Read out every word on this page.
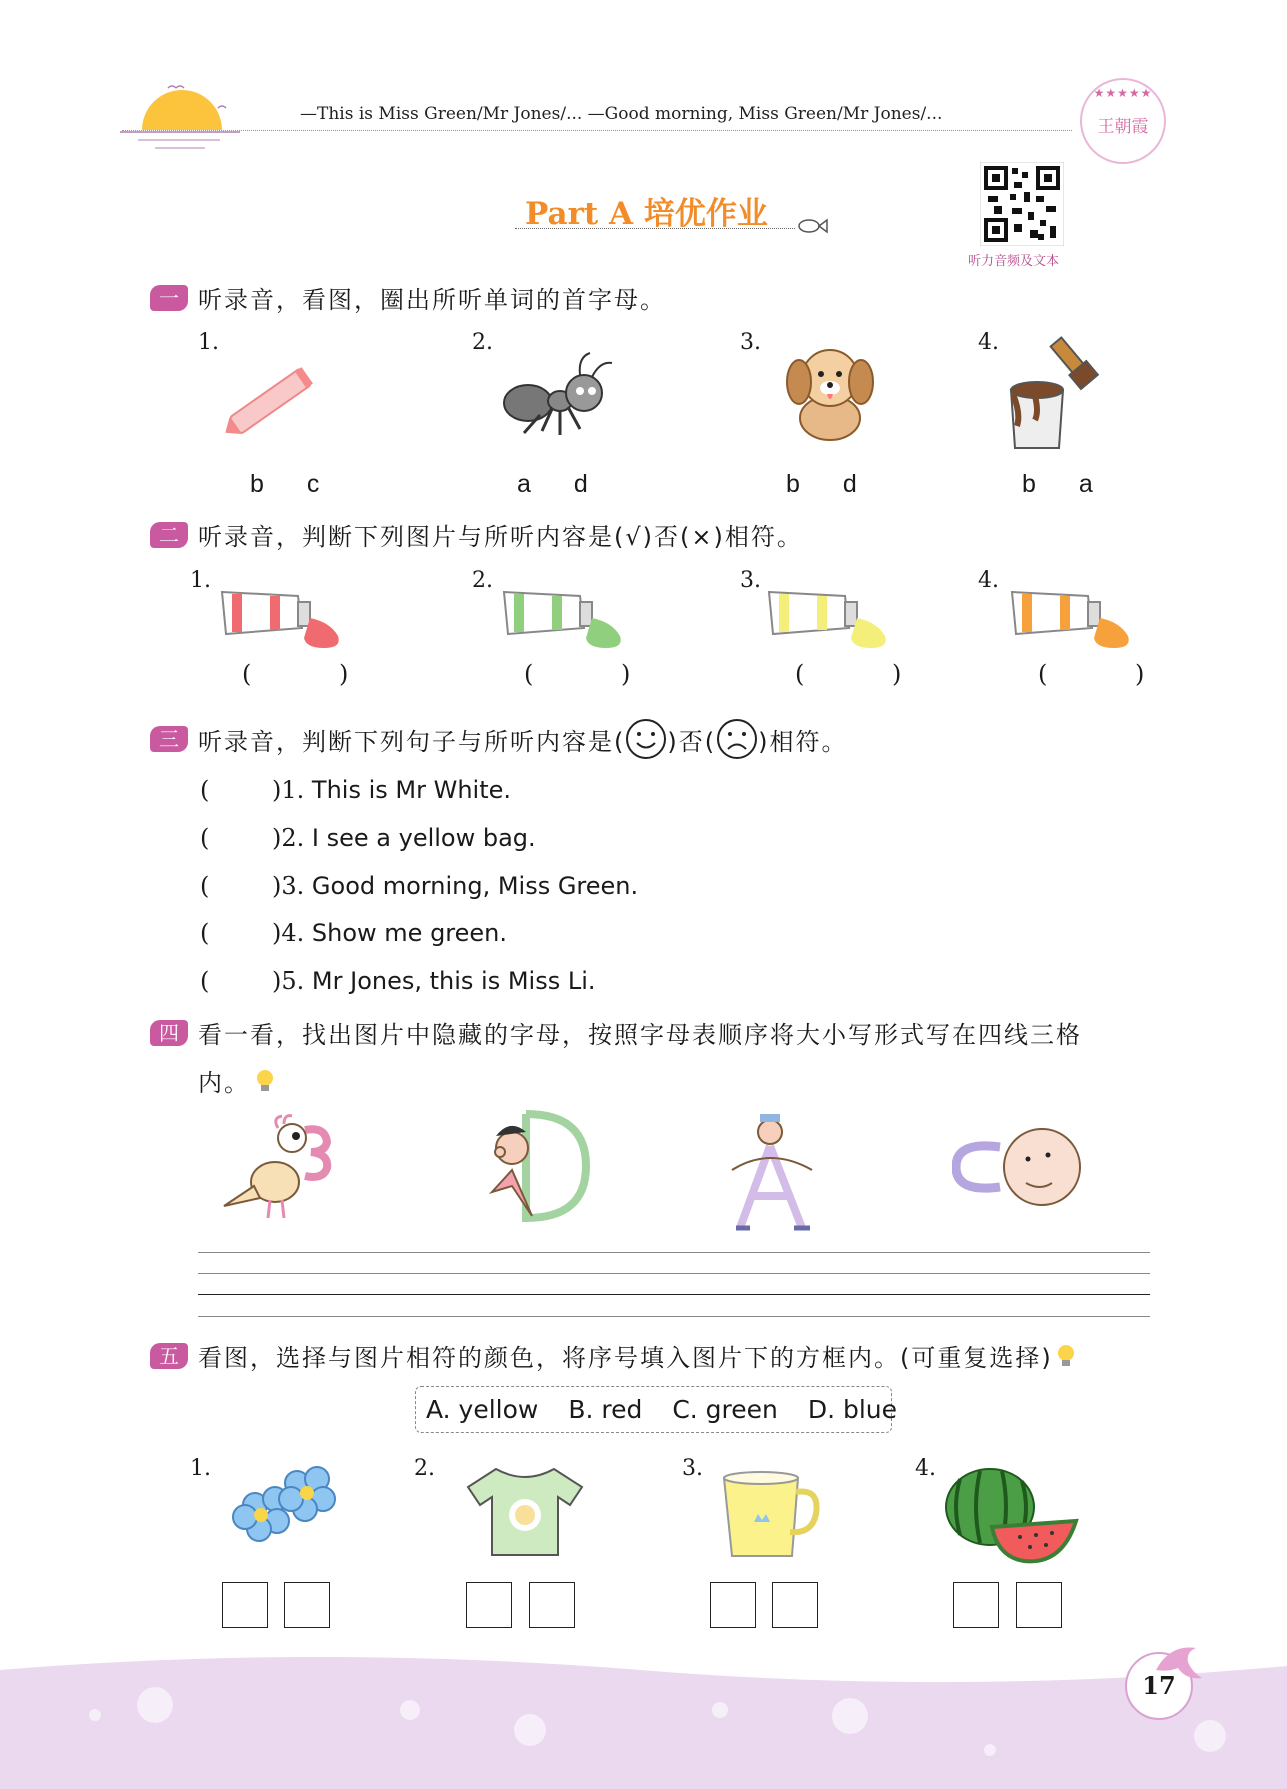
—This is Miss Green/Mr Jones/... —Good morning, Miss Green/Mr Jones/...
★★★★★
王朝霞
Part A 培优作业
听力音频及文本
一 听录音，看图，圈出所听单词的首字母。
1.	2.	3.	4.
b c	a d	b d	b a
二 听录音，判断下列图片与所听内容是(√)否(×)相符。
1.	2.	3.	4.
( )	( )	( )	( )
三 听录音，判断下列句子与所听内容是( )否( )相符。
(	)1. This is Mr White.
(	)2. I see a yellow bag.
(	)3. Good morning, Miss Green.
(	)4. Show me green.
(	)5. Mr Jones, this is Miss Li.
四 看一看，找出图片中隐藏的字母，按照字母表顺序将大小写形式写在四线三格
内。
五 看图，选择与图片相符的颜色，将序号填入图片下的方框内。(可重复选择)
A. yellow B. red C. green D. blue
1.	2.	3.	4.
17
